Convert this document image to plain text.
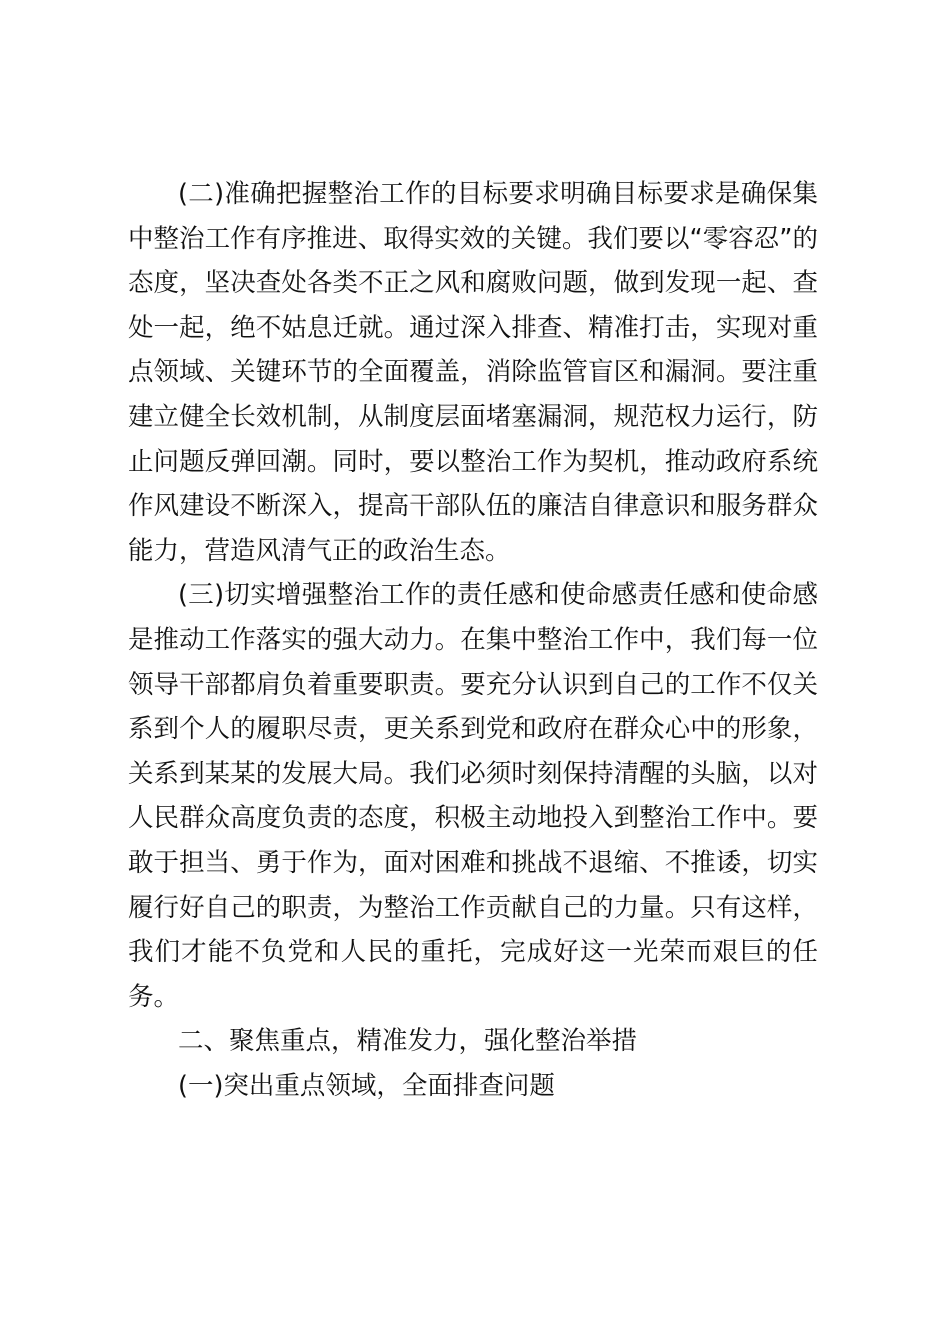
(二)准确把握整治工作的目标要求明确目标要求是确保集
中整治工作有序推进、取得实效的关键。我们要以“零容忍”的
态度，坚决查处各类不正之风和腐败问题，做到发现一起、查
处一起，绝不姑息迁就。通过深入排查、精准打击，实现对重
点领域、关键环节的全面覆盖，消除监管盲区和漏洞。要注重
建立健全长效机制，从制度层面堵塞漏洞，规范权力运行，防
止问题反弹回潮。同时，要以整治工作为契机，推动政府系统
作风建设不断深入，提高干部队伍的廉洁自律意识和服务群众
能力，营造风清气正的政治生态。
(三)切实增强整治工作的责任感和使命感责任感和使命感
是推动工作落实的强大动力。在集中整治工作中，我们每一位
领导干部都肩负着重要职责。要充分认识到自己的工作不仅关
系到个人的履职尽责，更关系到党和政府在群众心中的形象，
关系到某某的发展大局。我们必须时刻保持清醒的头脑，以对
人民群众高度负责的态度，积极主动地投入到整治工作中。要
敢于担当、勇于作为，面对困难和挑战不退缩、不推诿，切实
履行好自己的职责，为整治工作贡献自己的力量。只有这样，
我们才能不负党和人民的重托，完成好这一光荣而艰巨的任
务。
二、聚焦重点，精准发力，强化整治举措
(一)突出重点领域，全面排查问题
